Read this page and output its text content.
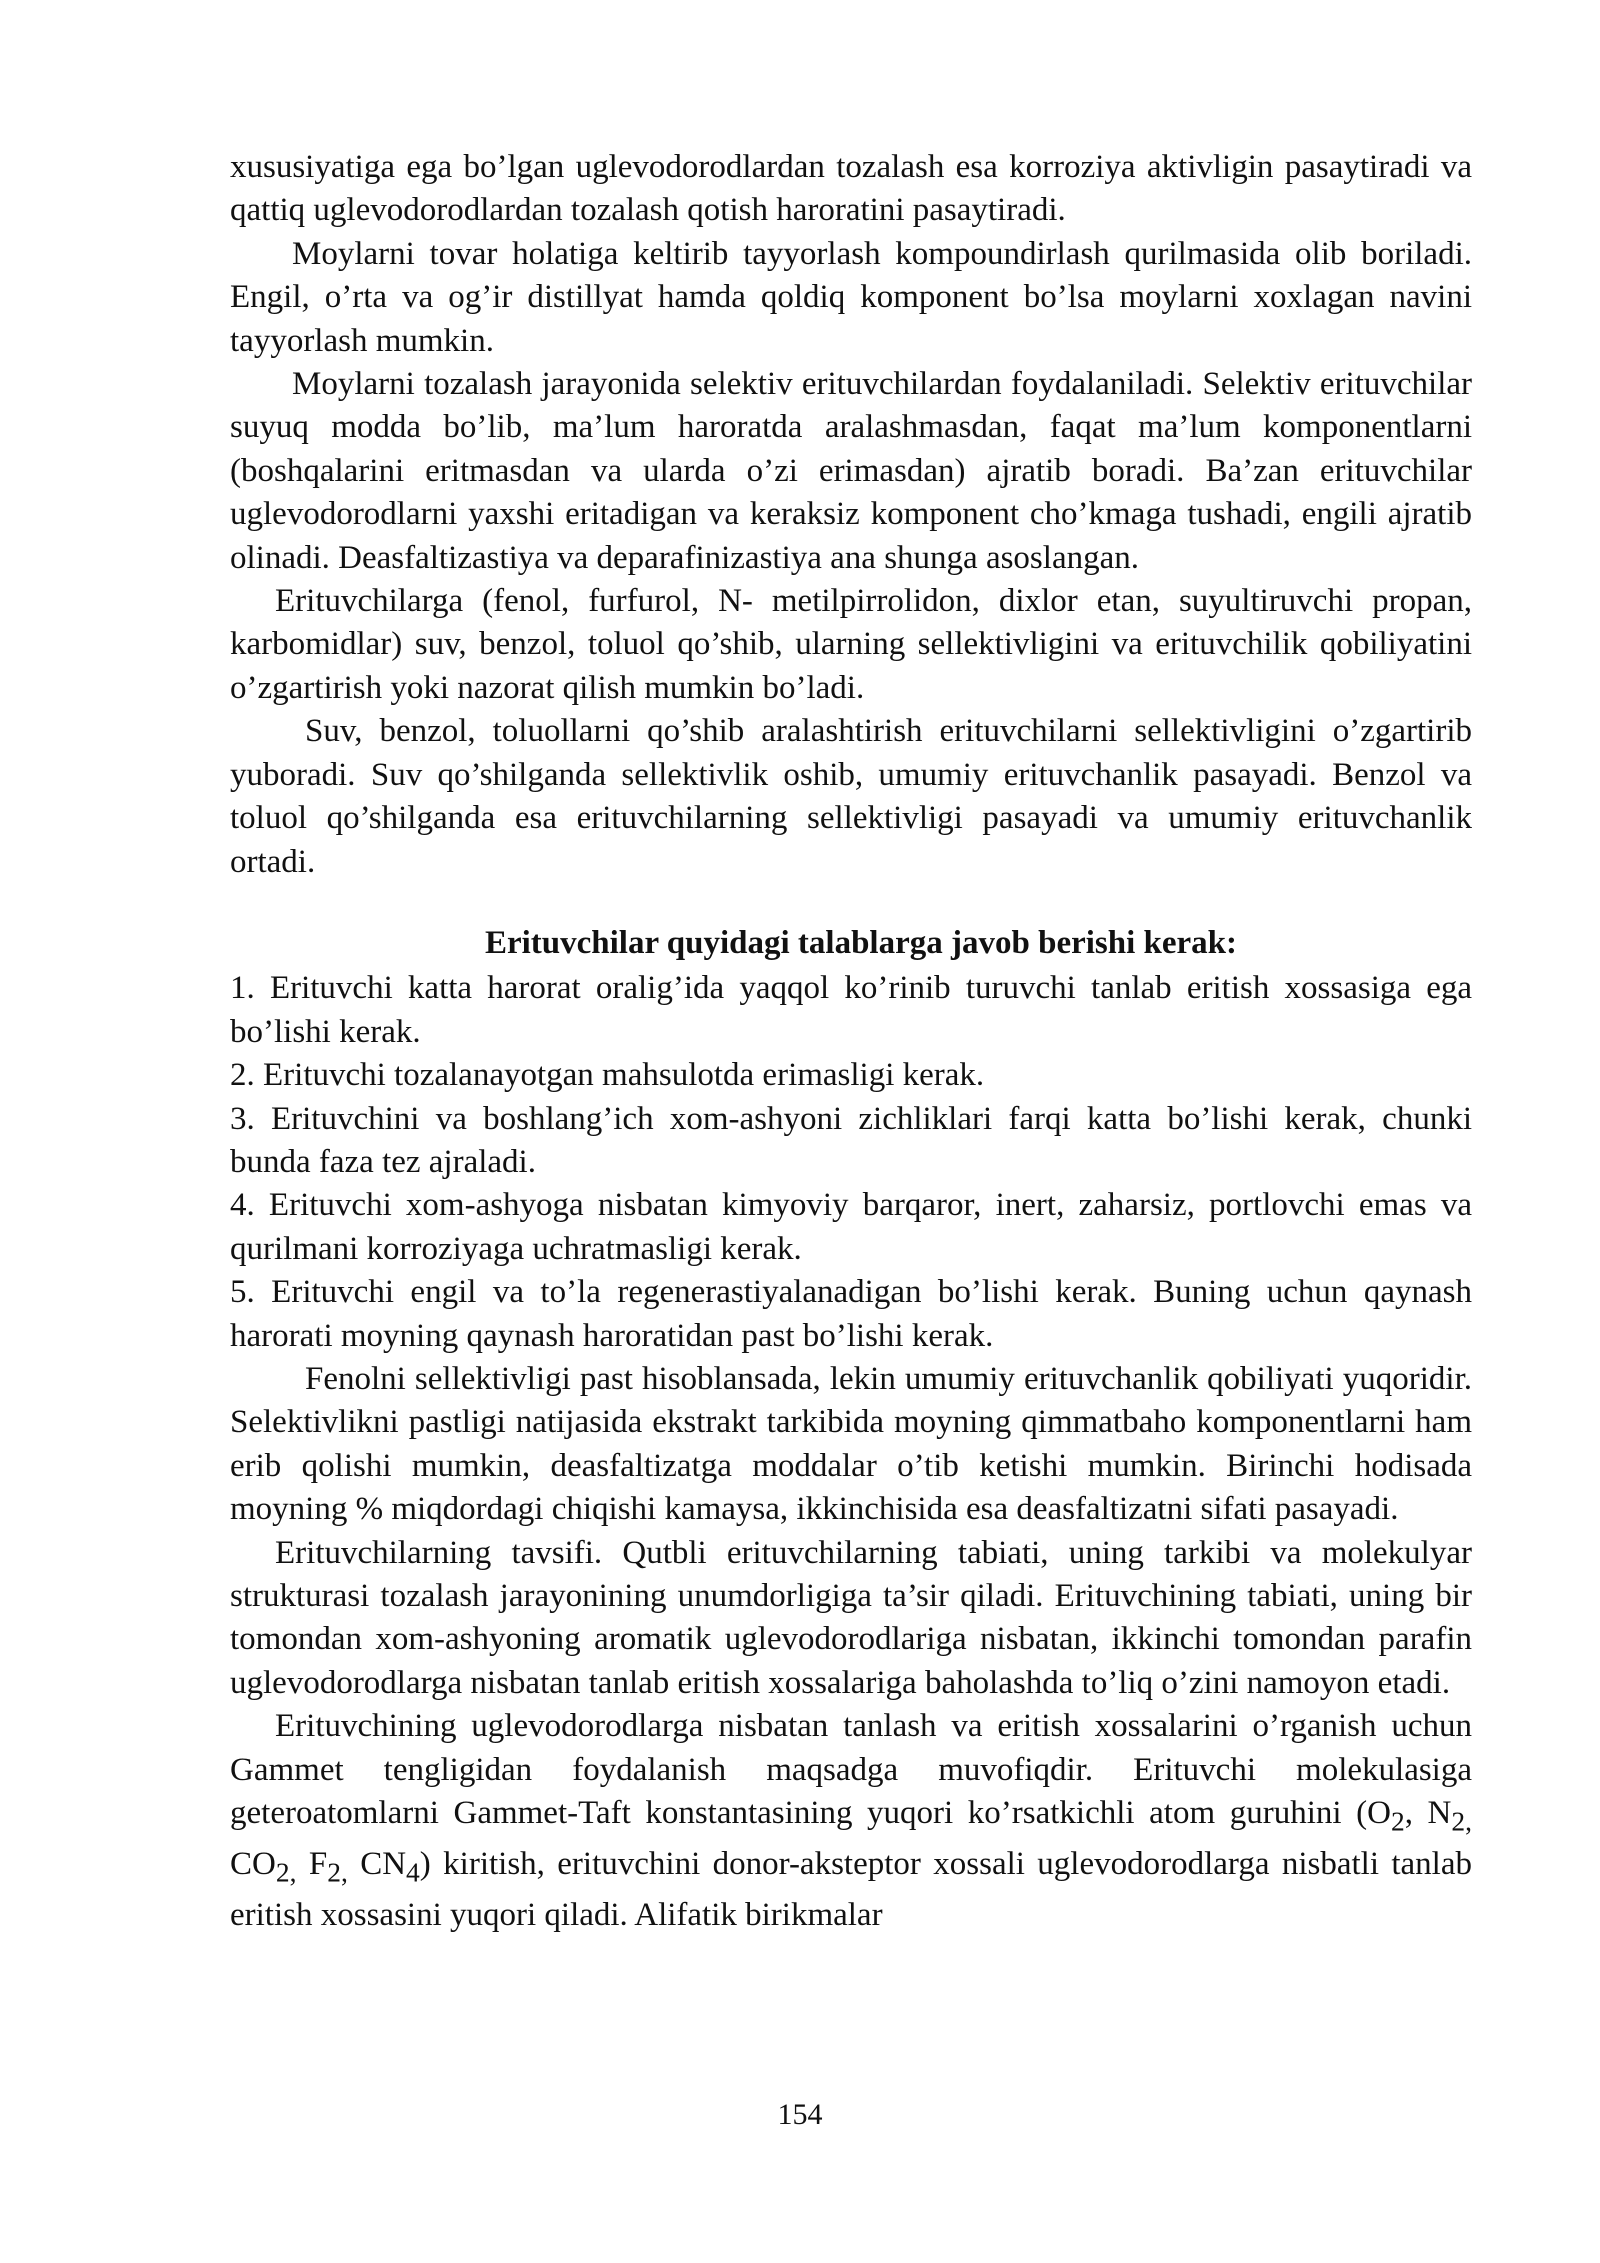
xususiyatiga ega bo’lgan uglevodorodlardan tozalash esa korroziya aktivligin pasaytiradi va qattiq uglevodorodlardan tozalash qotish haroratini pasaytiradi.

Moylarni tovar holatiga keltirib tayyorlash kompoundirlash qurilmasida olib boriladi. Engil, o’rta va og’ir distillyat hamda qoldiq komponent bo’lsa moylarni xoxlagan navini tayyorlash mumkin.

Moylarni tozalash jarayonida selektiv erituvchilardan foydalaniladi. Selektiv erituvchilar suyuq modda bo’lib, ma’lum haroratda aralashmasdan, faqat ma’lum komponentlarni (boshqalarini eritmasdan va ularda o’zi erimasdan) ajratib boradi. Ba’zan erituvchilar uglevodorodlarni yaxshi eritadigan va keraksiz komponent cho’kmaga tushadi, engili ajratib olinadi. Deasfaltizastiya va deparafinizastiya ana shunga asoslangan.

Erituvchilarga (fenol, furfurol, N- metilpirrolidon, dixlor etan, suyultiruvchi propan, karbomidlar) suv, benzol, toluol qo’shib, ularning sellektivligini va erituvchilik qobiliyatini o’zgartirish yoki nazorat qilish mumkin bo’ladi.

Suv, benzol, toluollarni qo’shib aralashtirish erituvchilarni sellektivligini o’zgartirib yuboradi. Suv qo’shilganda sellektivlik oshib, umumiy erituvchanlik pasayadi. Benzol va toluol qo’shilganda esa erituvchilarning sellektivligi pasayadi va umumiy erituvchanlik ortadi.

Erituvchilar quyidagi talablarga javob berishi kerak:

1. Erituvchi katta harorat oralig’ida yaqqol ko’rinib turuvchi tanlab eritish xossasiga ega bo’lishi kerak.

2. Erituvchi tozalanayotgan mahsulotda erimasligi kerak.

3. Erituvchini va boshlang’ich xom-ashyoni zichliklari farqi katta bo’lishi kerak, chunki bunda faza tez ajraladi.

4. Erituvchi xom-ashyoga nisbatan kimyoviy barqaror, inert, zaharsiz, portlovchi emas va qurilmani korroziyaga uchratmasligi kerak.

5. Erituvchi engil va to’la regenerastiyalanadigan bo’lishi kerak. Buning uchun qaynash harorati moyning qaynash haroratidan past bo’lishi kerak.

Fenolni sellektivligi past hisoblansada, lekin umumiy erituvchanlik qobiliyati yuqoridir. Selektivlikni pastligi natijasida ekstrakt tarkibida moyning qimmatbaho komponentlarni ham erib qolishi mumkin, deasfaltizatga moddalar o’tib ketishi mumkin. Birinchi hodisada moyning % miqdordagi chiqishi kamaysa, ikkinchisida esa deasfaltizatni sifati pasayadi.

Erituvchilarning tavsifi. Qutbli erituvchilarning tabiati, uning tarkibi va molekulyar strukturasi tozalash jarayonining unumdorligiga ta’sir qiladi. Erituvchining tabiati, uning bir tomondan xom-ashyoning aromatik uglevodorodlariga nisbatan, ikkinchi tomondan parafin uglevodorodlarga nisbatan tanlab eritish xossalariga baholashda to’liq o’zini namoyon etadi.

Erituvchining uglevodorodlarga nisbatan tanlash va eritish xossalarini o’rganish uchun Gammet tengligidan foydalanish maqsadga muvofiqdir. Erituvchi molekulasiga geteroatomlarni Gammet-Taft konstantasining yuqori ko’rsatkichli atom guruhini ($O_2$, $N_{2,}$ $CO_{2,}$ $F_{2,}$ $CN_4$) kiritish, erituvchini donor-aksteptor xossali uglevodorodlarga nisbatli tanlab eritish xossasini yuqori qiladi. Alifatik birikmalar

154
